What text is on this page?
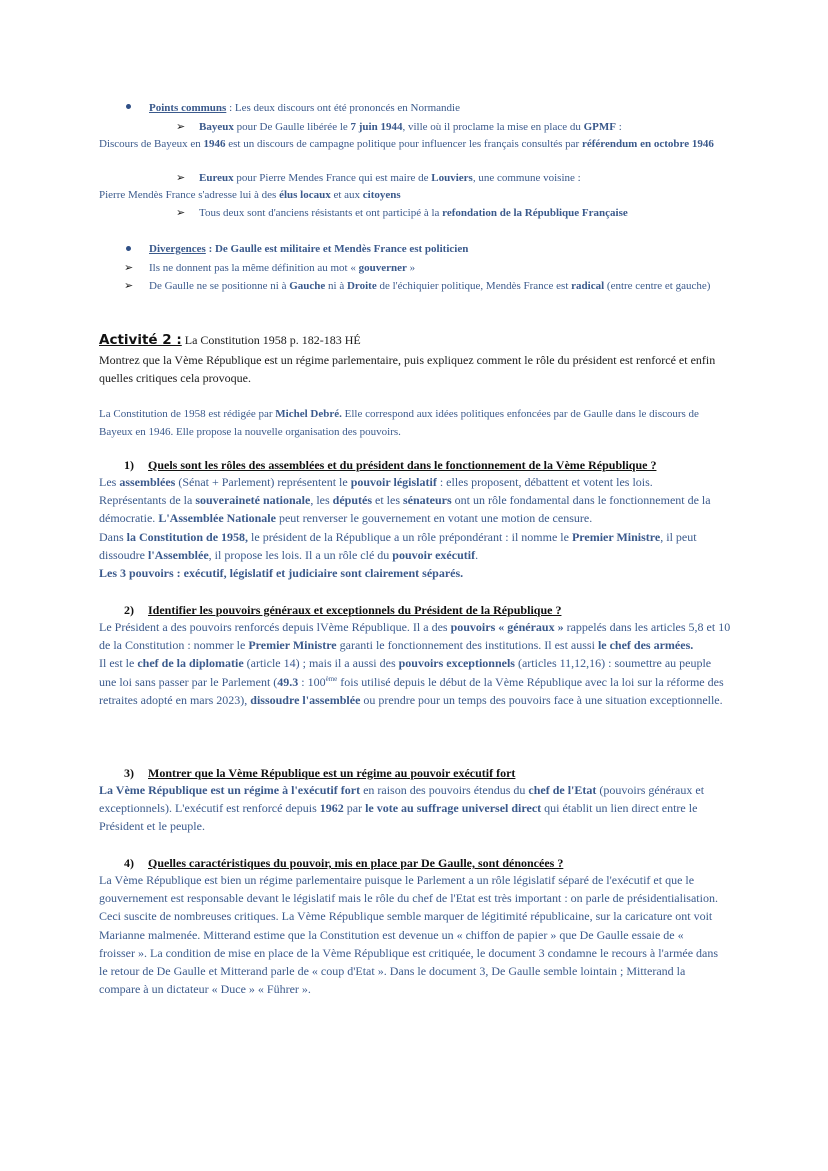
Points communs : Les deux discours ont été prononcés en Normandie

➢ Bayeux pour De Gaulle libérée le 7 juin 1944, ville où il proclame la mise en place du GPMF :

Discours de Bayeux en 1946 est un discours de campagne politique pour influencer les français consultés par référendum en octobre 1946

➢ Eureux pour Pierre Mendes France qui est maire de Louviers, une commune voisine :

Pierre Mendès France s'adresse lui à des élus locaux et aux citoyens

➢ Tous deux sont d'anciens résistants et ont participé à la refondation de la République Française

Divergences : De Gaulle est militaire et Mendès France est politicien

➢ Ils ne donnent pas la même définition au mot « gouverner »

➢ De Gaulle ne se positionne ni à Gauche ni à Droite de l'échiquier politique, Mendès France est radical (entre centre et gauche)

Activité 2 : La Constitution 1958 p. 182-183 HÉ

Montrez que la Vème République est un régime parlementaire, puis expliquez comment le rôle du président est renforcé et enfin quelles critiques cela provoque.

La Constitution de 1958 est rédigée par Michel Debré. Elle correspond aux idées politiques enfoncées par de Gaulle dans le discours de Bayeux en 1946. Elle propose la nouvelle organisation des pouvoirs.

1) Quels sont les rôles des assemblées et du président dans le fonctionnement de la Vème République ?

Les assemblées (Sénat + Parlement) représentent le pouvoir législatif : elles proposent, débattent et votent les lois.
Représentants de la souveraineté nationale, les députés et les sénateurs ont un rôle fondamental dans le fonctionnement de la démocratie. L'Assemblée Nationale peut renverser le gouvernement en votant une motion de censure.
Dans la Constitution de 1958, le président de la République a un rôle prépondérant : il nomme le Premier Ministre, il peut dissoudre l'Assemblée, il propose les lois. Il a un rôle clé du pouvoir exécutif.
Les 3 pouvoirs : exécutif, législatif et judiciaire sont clairement séparés.

2) Identifier les pouvoirs généraux et exceptionnels du Président de la République ?

Le Président a des pouvoirs renforcés depuis lVème République. Il a des pouvoirs « généraux » rappelés dans les articles 5,8 et 10 de la Constitution : nommer le Premier Ministre garanti le fonctionnement des institutions. Il est aussi le chef des armées.
Il est le chef de la diplomatie (article 14) ; mais il a aussi des pouvoirs exceptionnels (articles 11,12,16) : soumettre au peuple une loi sans passer par le Parlement (49.3 : 100ème fois utilisé depuis le début de la Vème République avec la loi sur la réforme des retraites adopté en mars 2023), dissoudre l'assemblée ou prendre pour un temps des pouvoirs face à une situation exceptionnelle.

3) Montrer que la Vème République est un régime au pouvoir exécutif fort

La Vème République est un régime à l'exécutif fort en raison des pouvoirs étendus du chef de l'Etat (pouvoirs généraux et exceptionnels). L'exécutif est renforcé depuis 1962 par le vote au suffrage universel direct qui établit un lien direct entre le Président et le peuple.

4) Quelles caractéristiques du pouvoir, mis en place par De Gaulle, sont dénoncées ?

La Vème République est bien un régime parlementaire puisque le Parlement a un rôle législatif séparé de l'exécutif et que le gouvernement est responsable devant le législatif mais le rôle du chef de l'Etat est très important : on parle de présidentialisation. Ceci suscite de nombreuses critiques. La Vème République semble marquer de légitimité républicaine, sur la caricature ont voit Marianne malmenée. Mitterand estime que la Constitution est devenue un « chiffon de papier » que De Gaulle essaie de « froisser ». La condition de mise en place de la Vème République est critiquée, le document 3 condamne le recours à l'armée dans le retour de De Gaulle et Mitterand parle de « coup d'Etat ». Dans le document 3, De Gaulle semble lointain ; Mitterand la compare à un dictateur « Duce » « Führer ».
